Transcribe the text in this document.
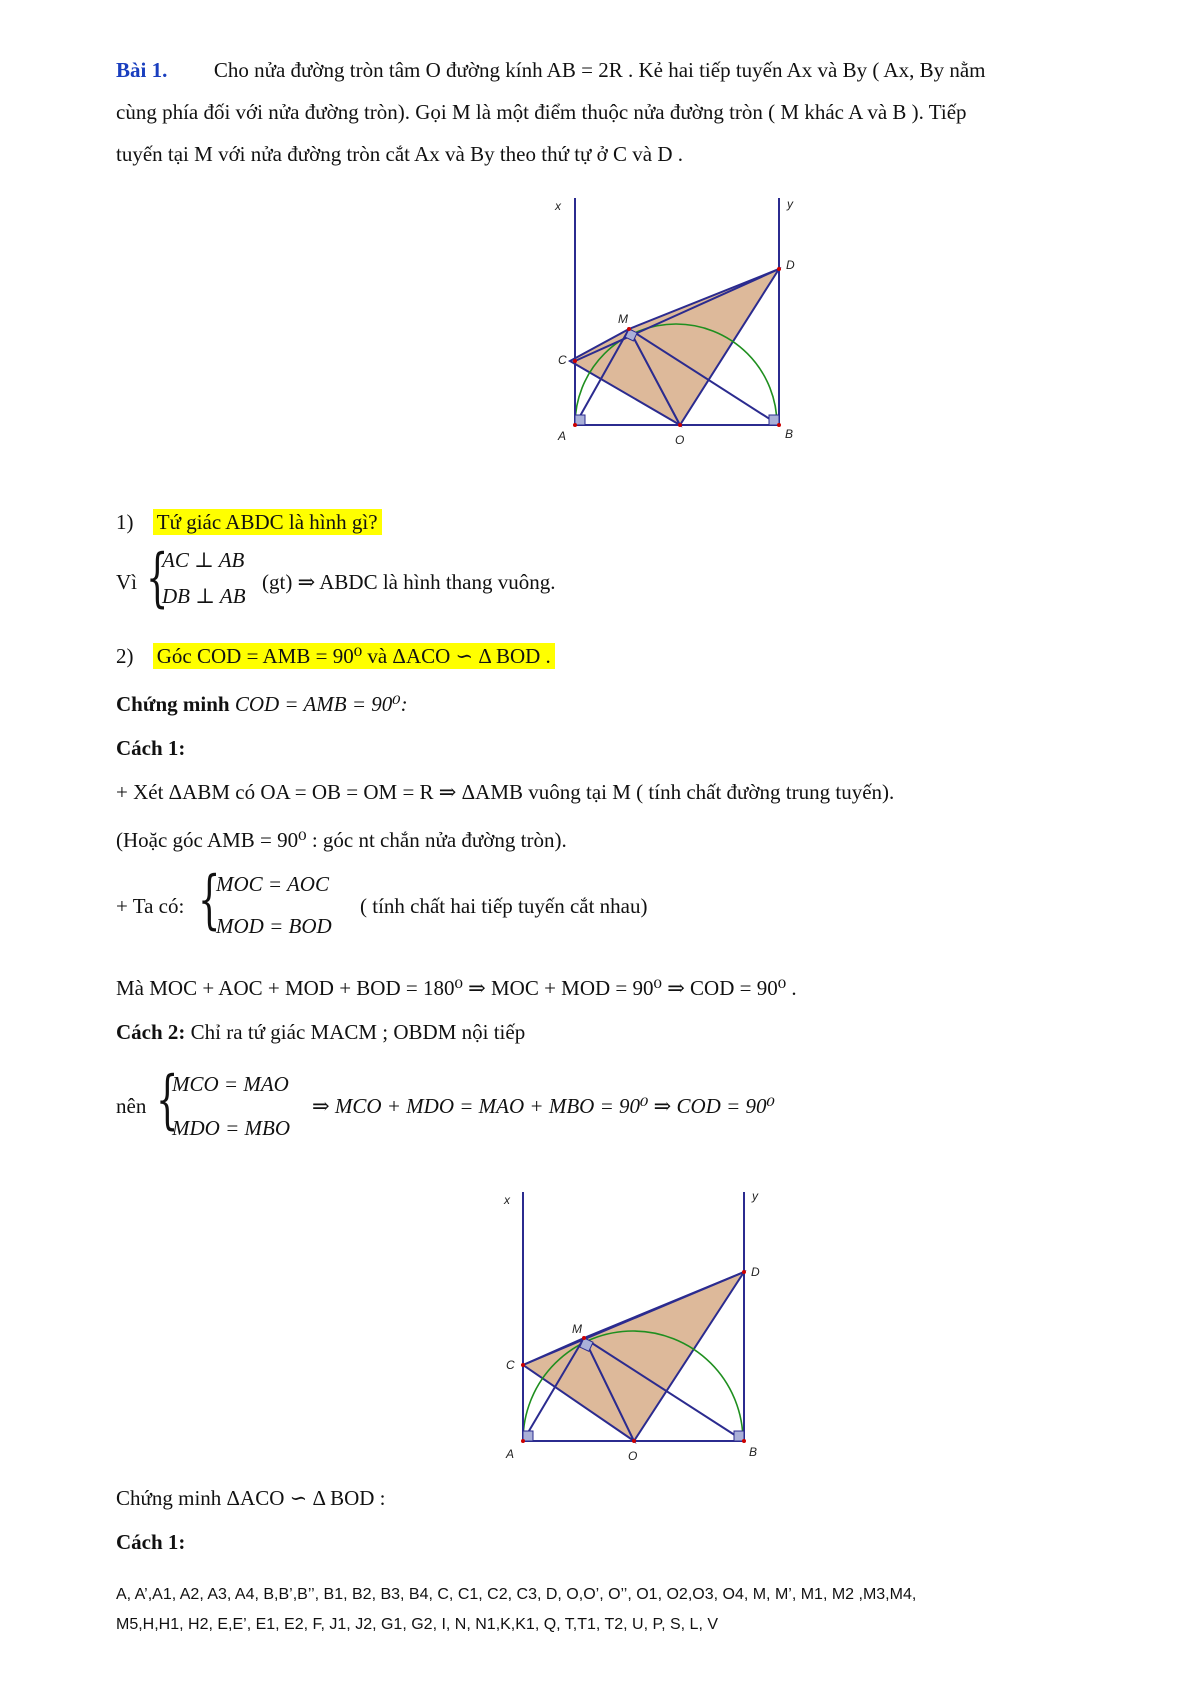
Bài 1. Cho nửa đường tròn tâm O đường kính AB = 2R . Kẻ hai tiếp tuyến Ax và By ( Ax, By nằm
cùng phía đối với nửa đường tròn). Gọi M là một điểm thuộc nửa đường tròn ( M khác A và B ). Tiếp
tuyến tại M với nửa đường tròn cắt Ax và By theo thứ tự ở C và D .
x	y
D
M
C
A	O	B
1) Tứ giác ABDC là hình gì?
Vì {
AC ⊥ AB
DB ⊥ AB
(gt) ⇒ ABDC là hình thang vuông.
2) Góc COD = AMB = 90⁰ và ΔACO ∽ Δ BOD .
Chứng minh COD = AMB = 90⁰:
Cách 1:
+ Xét ΔABM có OA = OB = OM = R ⇒ ΔAMB vuông tại M ( tính chất đường trung tuyến).
(Hoặc góc AMB = 90⁰ : góc nt chắn nửa đường tròn).
+ Ta có: {
MOC = AOC
MOD = BOD
( tính chất hai tiếp tuyến cắt nhau)
Mà MOC + AOC + MOD + BOD = 180⁰ ⇒ MOC + MOD = 90⁰ ⇒ COD = 90⁰ .
Cách 2: Chỉ ra tứ giác MACM ; OBDM nội tiếp
nên {
MCO = MAO
MDO = MBO
⇒ MCO + MDO = MAO + MBO = 90⁰ ⇒ COD = 90⁰
x	y
D
M
C
A	O	B
Chứng minh ΔACO ∽ Δ BOD :
Cách 1:
A, A’,A1, A2, A3, A4, B,B’,B’’, B1, B2, B3, B4, C, C1, C2, C3, D, O,O’, O’’, O1, O2,O3, O4, M, M’, M1, M2 ,M3,M4,
M5,H,H1, H2, E,E’, E1, E2, F, J1, J2, G1, G2, I, N, N1,K,K1, Q, T,T1, T2, U, P, S, L, V
